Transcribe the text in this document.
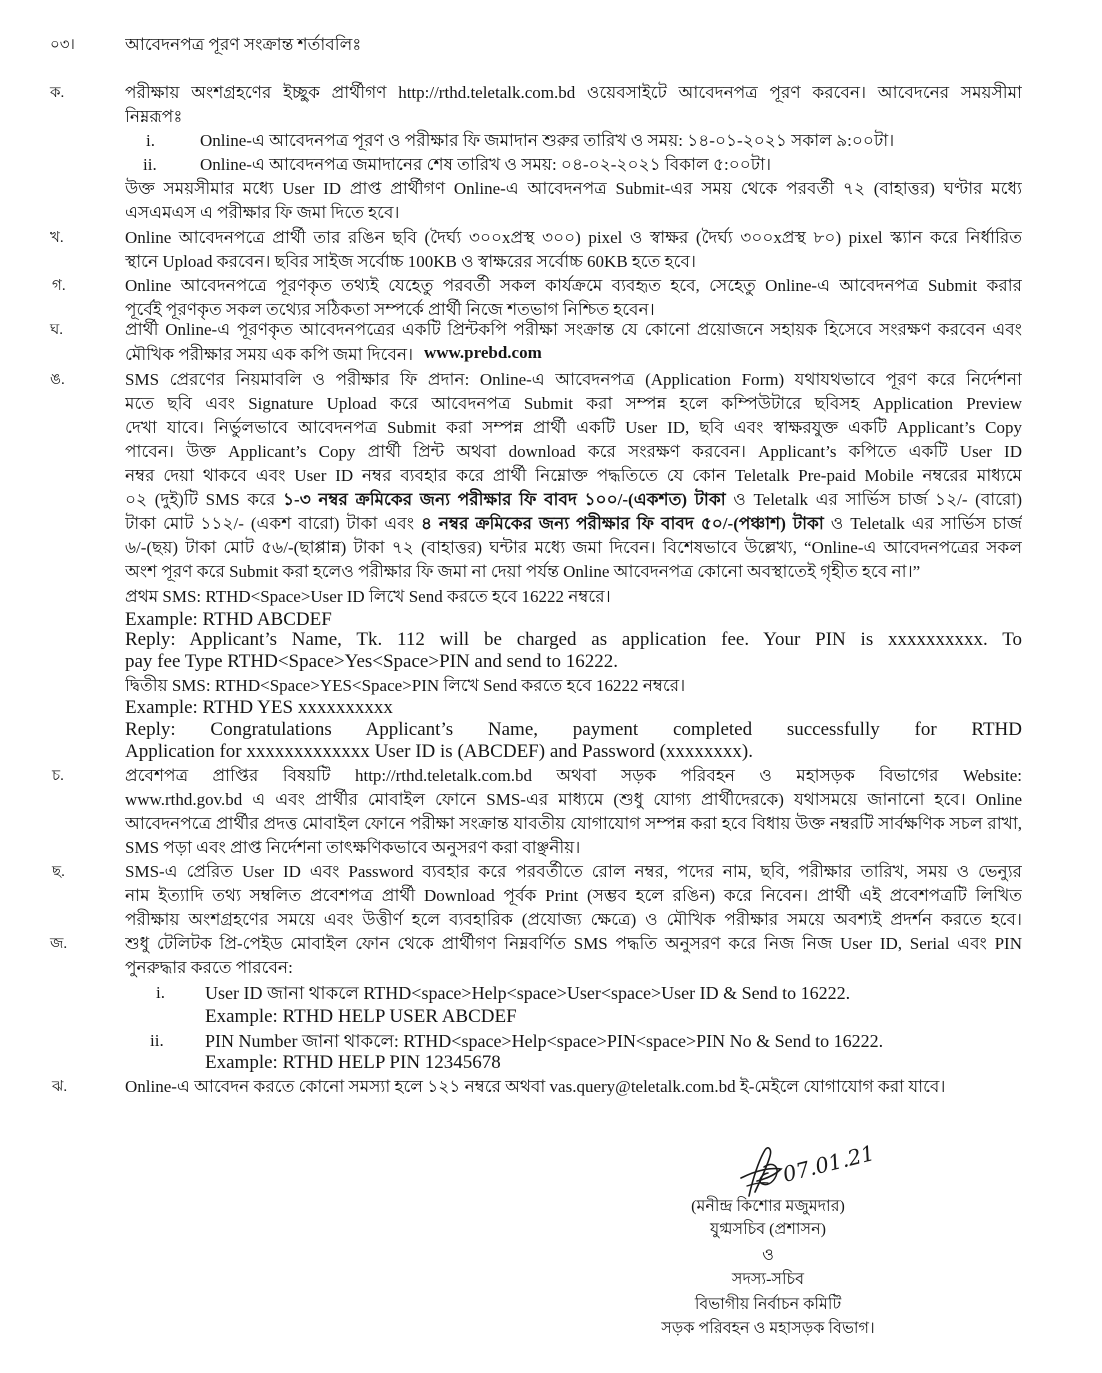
০৩।	আবেদনপত্র পূরণ সংক্রান্ত শর্তাবলিঃ
ক.	পরীক্ষায় অংশগ্রহণের ইচ্ছুক প্রার্থীগণ http://rthd.teletalk.com.bd ওয়েবসাইটে আবেদনপত্র পূরণ করবেন। আবেদনের সময়সীমা
নিম্নরূপঃ
i.	Online-এ আবেদনপত্র পূরণ ও পরীক্ষার ফি জমাদান শুরুর তারিখ ও সময়: ১৪-০১-২০২১ সকাল ৯:০০টা।
ii.	Online-এ আবেদনপত্র জমাদানের শেষ তারিখ ও সময়: ০৪-০২-২০২১ বিকাল ৫:০০টা।
উক্ত সময়সীমার মধ্যে User ID প্রাপ্ত প্রার্থীগণ Online-এ আবেদনপত্র Submit-এর সময় থেকে পরবর্তী ৭২ (বাহাত্তর) ঘণ্টার মধ্যে
এসএমএস এ পরীক্ষার ফি জমা দিতে হবে।
খ.	Online আবেদনপত্রে প্রার্থী তার রঙিন ছবি (দৈর্ঘ্য ৩০০xপ্রস্থ ৩০০) pixel ও স্বাক্ষর (দৈর্ঘ্য ৩০০xপ্রস্থ ৮০) pixel স্ক্যান করে নির্ধারিত
স্থানে Upload করবেন। ছবির সাইজ সর্বোচ্চ 100KB ও স্বাক্ষরের সর্বোচ্চ 60KB হতে হবে।
গ.	Online আবেদনপত্রে পূরণকৃত তথ্যই যেহেতু পরবর্তী সকল কার্যক্রমে ব্যবহৃত হবে, সেহেতু Online-এ আবেদনপত্র Submit করার
পূর্বেই পূরণকৃত সকল তথ্যের সঠিকতা সম্পর্কে প্রার্থী নিজে শতভাগ নিশ্চিত হবেন।
ঘ.	প্রার্থী Online-এ পূরণকৃত আবেদনপত্রের একটি প্রিন্টকপি পরীক্ষা সংক্রান্ত যে কোনো প্রয়োজনে সহায়ক হিসেবে সংরক্ষণ করবেন এবং
মৌখিক পরীক্ষার সময় এক কপি জমা দিবেন। www.prebd.com
ঙ.	SMS প্রেরণের নিয়মাবলি ও পরীক্ষার ফি প্রদান: Online-এ আবেদনপত্র (Application Form) যথাযথভাবে পূরণ করে নির্দেশনা
মতে ছবি এবং Signature Upload করে আবেদনপত্র Submit করা সম্পন্ন হলে কম্পিউটারে ছবিসহ Application Preview
দেখা যাবে। নির্ভুলভাবে আবেদনপত্র Submit করা সম্পন্ন প্রার্থী একটি User ID, ছবি এবং স্বাক্ষরযুক্ত একটি Applicant’s Copy
পাবেন। উক্ত Applicant’s Copy প্রার্থী প্রিন্ট অথবা download করে সংরক্ষণ করবেন। Applicant’s কপিতে একটি User ID
নম্বর দেয়া থাকবে এবং User ID নম্বর ব্যবহার করে প্রার্থী নিম্নোক্ত পদ্ধতিতে যে কোন Teletalk Pre-paid Mobile নম্বরের মাধ্যমে
০২ (দুই)টি SMS করে ১-৩ নম্বর ক্রমিকের জন্য পরীক্ষার ফি বাবদ ১০০/-(একশত) টাকা ও Teletalk এর সার্ভিস চার্জ ১২/- (বারো)
টাকা মোট ১১২/- (একশ বারো) টাকা এবং ৪ নম্বর ক্রমিকের জন্য পরীক্ষার ফি বাবদ ৫০/-(পঞ্চাশ) টাকা ও Teletalk এর সার্ভিস চার্জ
৬/-(ছয়) টাকা মোট ৫৬/-(ছাপ্পান্ন) টাকা ৭২ (বাহাত্তর) ঘন্টার মধ্যে জমা দিবেন। বিশেষভাবে উল্লেখ্য, “Online-এ আবেদনপত্রের সকল
অংশ পূরণ করে Submit করা হলেও পরীক্ষার ফি জমা না দেয়া পর্যন্ত Online আবেদনপত্র কোনো অবস্থাতেই গৃহীত হবে না।”
প্রথম SMS: RTHD<Space>User ID লিখে Send করতে হবে 16222 নম্বরে।
Example: RTHD ABCDEF
Reply: Applicant’s Name, Tk. 112 will be charged as application fee. Your PIN is xxxxxxxxxx. To
pay fee Type RTHD<Space>Yes<Space>PIN and send to 16222.
দ্বিতীয় SMS: RTHD<Space>YES<Space>PIN লিখে Send করতে হবে 16222 নম্বরে।
Example: RTHD YES xxxxxxxxxx
Reply: Congratulations Applicant’s Name, payment completed successfully for RTHD
Application for xxxxxxxxxxxxx User ID is (ABCDEF) and Password (xxxxxxxx).
চ.	প্রবেশপত্র প্রাপ্তির বিষয়টি http://rthd.teletalk.com.bd অথবা সড়ক পরিবহন ও মহাসড়ক বিভাগের Website:
www.rthd.gov.bd এ এবং প্রার্থীর মোবাইল ফোনে SMS-এর মাধ্যমে (শুধু যোগ্য প্রার্থীদেরকে) যথাসময়ে জানানো হবে। Online
আবেদনপত্রে প্রার্থীর প্রদত্ত মোবাইল ফোনে পরীক্ষা সংক্রান্ত যাবতীয় যোগাযোগ সম্পন্ন করা হবে বিধায় উক্ত নম্বরটি সার্বক্ষণিক সচল রাখা,
SMS পড়া এবং প্রাপ্ত নির্দেশনা তাৎক্ষণিকভাবে অনুসরণ করা বাঞ্ছনীয়।
ছ.	SMS-এ প্রেরিত User ID এবং Password ব্যবহার করে পরবর্তীতে রোল নম্বর, পদের নাম, ছবি, পরীক্ষার তারিখ, সময় ও ভেন্যুর
নাম ইত্যাদি তথ্য সম্বলিত প্রবেশপত্র প্রার্থী Download পূর্বক Print (সম্ভব হলে রঙিন) করে নিবেন। প্রার্থী এই প্রবেশপত্রটি লিখিত
পরীক্ষায় অংশগ্রহণের সময়ে এবং উত্তীর্ণ হলে ব্যবহারিক (প্রযোজ্য ক্ষেত্রে) ও মৌখিক পরীক্ষার সময়ে অবশ্যই প্রদর্শন করতে হবে।
জ.	শুধু টেলিটক প্রি-পেইড মোবাইল ফোন থেকে প্রার্থীগণ নিম্নবর্ণিত SMS পদ্ধতি অনুসরণ করে নিজ নিজ User ID, Serial এবং PIN
পুনরুদ্ধার করতে পারবেন:
i. User ID জানা থাকলে RTHD<space>Help<space>User<space>User ID & Send to 16222.
Example: RTHD HELP USER ABCDEF
ii. PIN Number জানা থাকলে: RTHD<space>Help<space>PIN<space>PIN No & Send to 16222.
Example: RTHD HELP PIN 12345678
ঝ.	Online-এ আবেদন করতে কোনো সমস্যা হলে ১২১ নম্বরে অথবা vas.query@teletalk.com.bd ই-মেইলে যোগাযোগ করা যাবে।
07.01.21
(মনীন্দ্র কিশোর মজুমদার)
যুগ্মসচিব (প্রশাসন)
ও
সদস্য-সচিব
বিভাগীয় নির্বাচন কমিটি
সড়ক পরিবহন ও মহাসড়ক বিভাগ।
